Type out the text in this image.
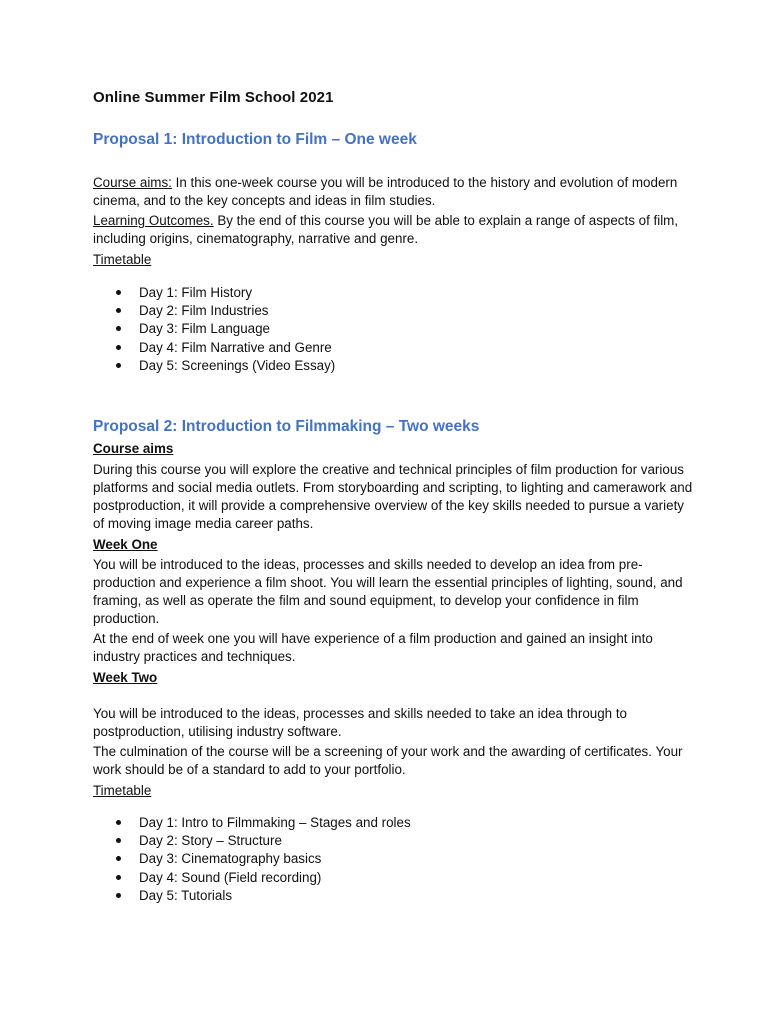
Online Summer Film School 2021
Proposal 1: Introduction to Film – One week
Course aims: In this one-week course you will be introduced to the history and evolution of modern cinema, and to the key concepts and ideas in film studies.
Learning Outcomes. By the end of this course you will be able to explain a range of aspects of film, including origins, cinematography, narrative and genre.
Timetable
Day 1: Film History
Day 2: Film Industries
Day 3: Film Language
Day 4: Film Narrative and Genre
Day 5: Screenings (Video Essay)
Proposal 2: Introduction to Filmmaking – Two weeks
Course aims
During this course you will explore the creative and technical principles of film production for various platforms and social media outlets. From storyboarding and scripting, to lighting and camerawork and postproduction, it will provide a comprehensive overview of the key skills needed to pursue a variety of moving image media career paths.
Week One
You will be introduced to the ideas, processes and skills needed to develop an idea from pre-production and experience a film shoot. You will learn the essential principles of lighting, sound, and framing, as well as operate the film and sound equipment, to develop your confidence in film production.
At the end of week one you will have experience of a film production and gained an insight into industry practices and techniques.
Week Two
You will be introduced to the ideas, processes and skills needed to take an idea through to postproduction, utilising industry software.
The culmination of the course will be a screening of your work and the awarding of certificates. Your work should be of a standard to add to your portfolio.
Timetable
Day 1: Intro to Filmmaking – Stages and roles
Day 2: Story – Structure
Day 3: Cinematography basics
Day 4: Sound (Field recording)
Day 5: Tutorials
